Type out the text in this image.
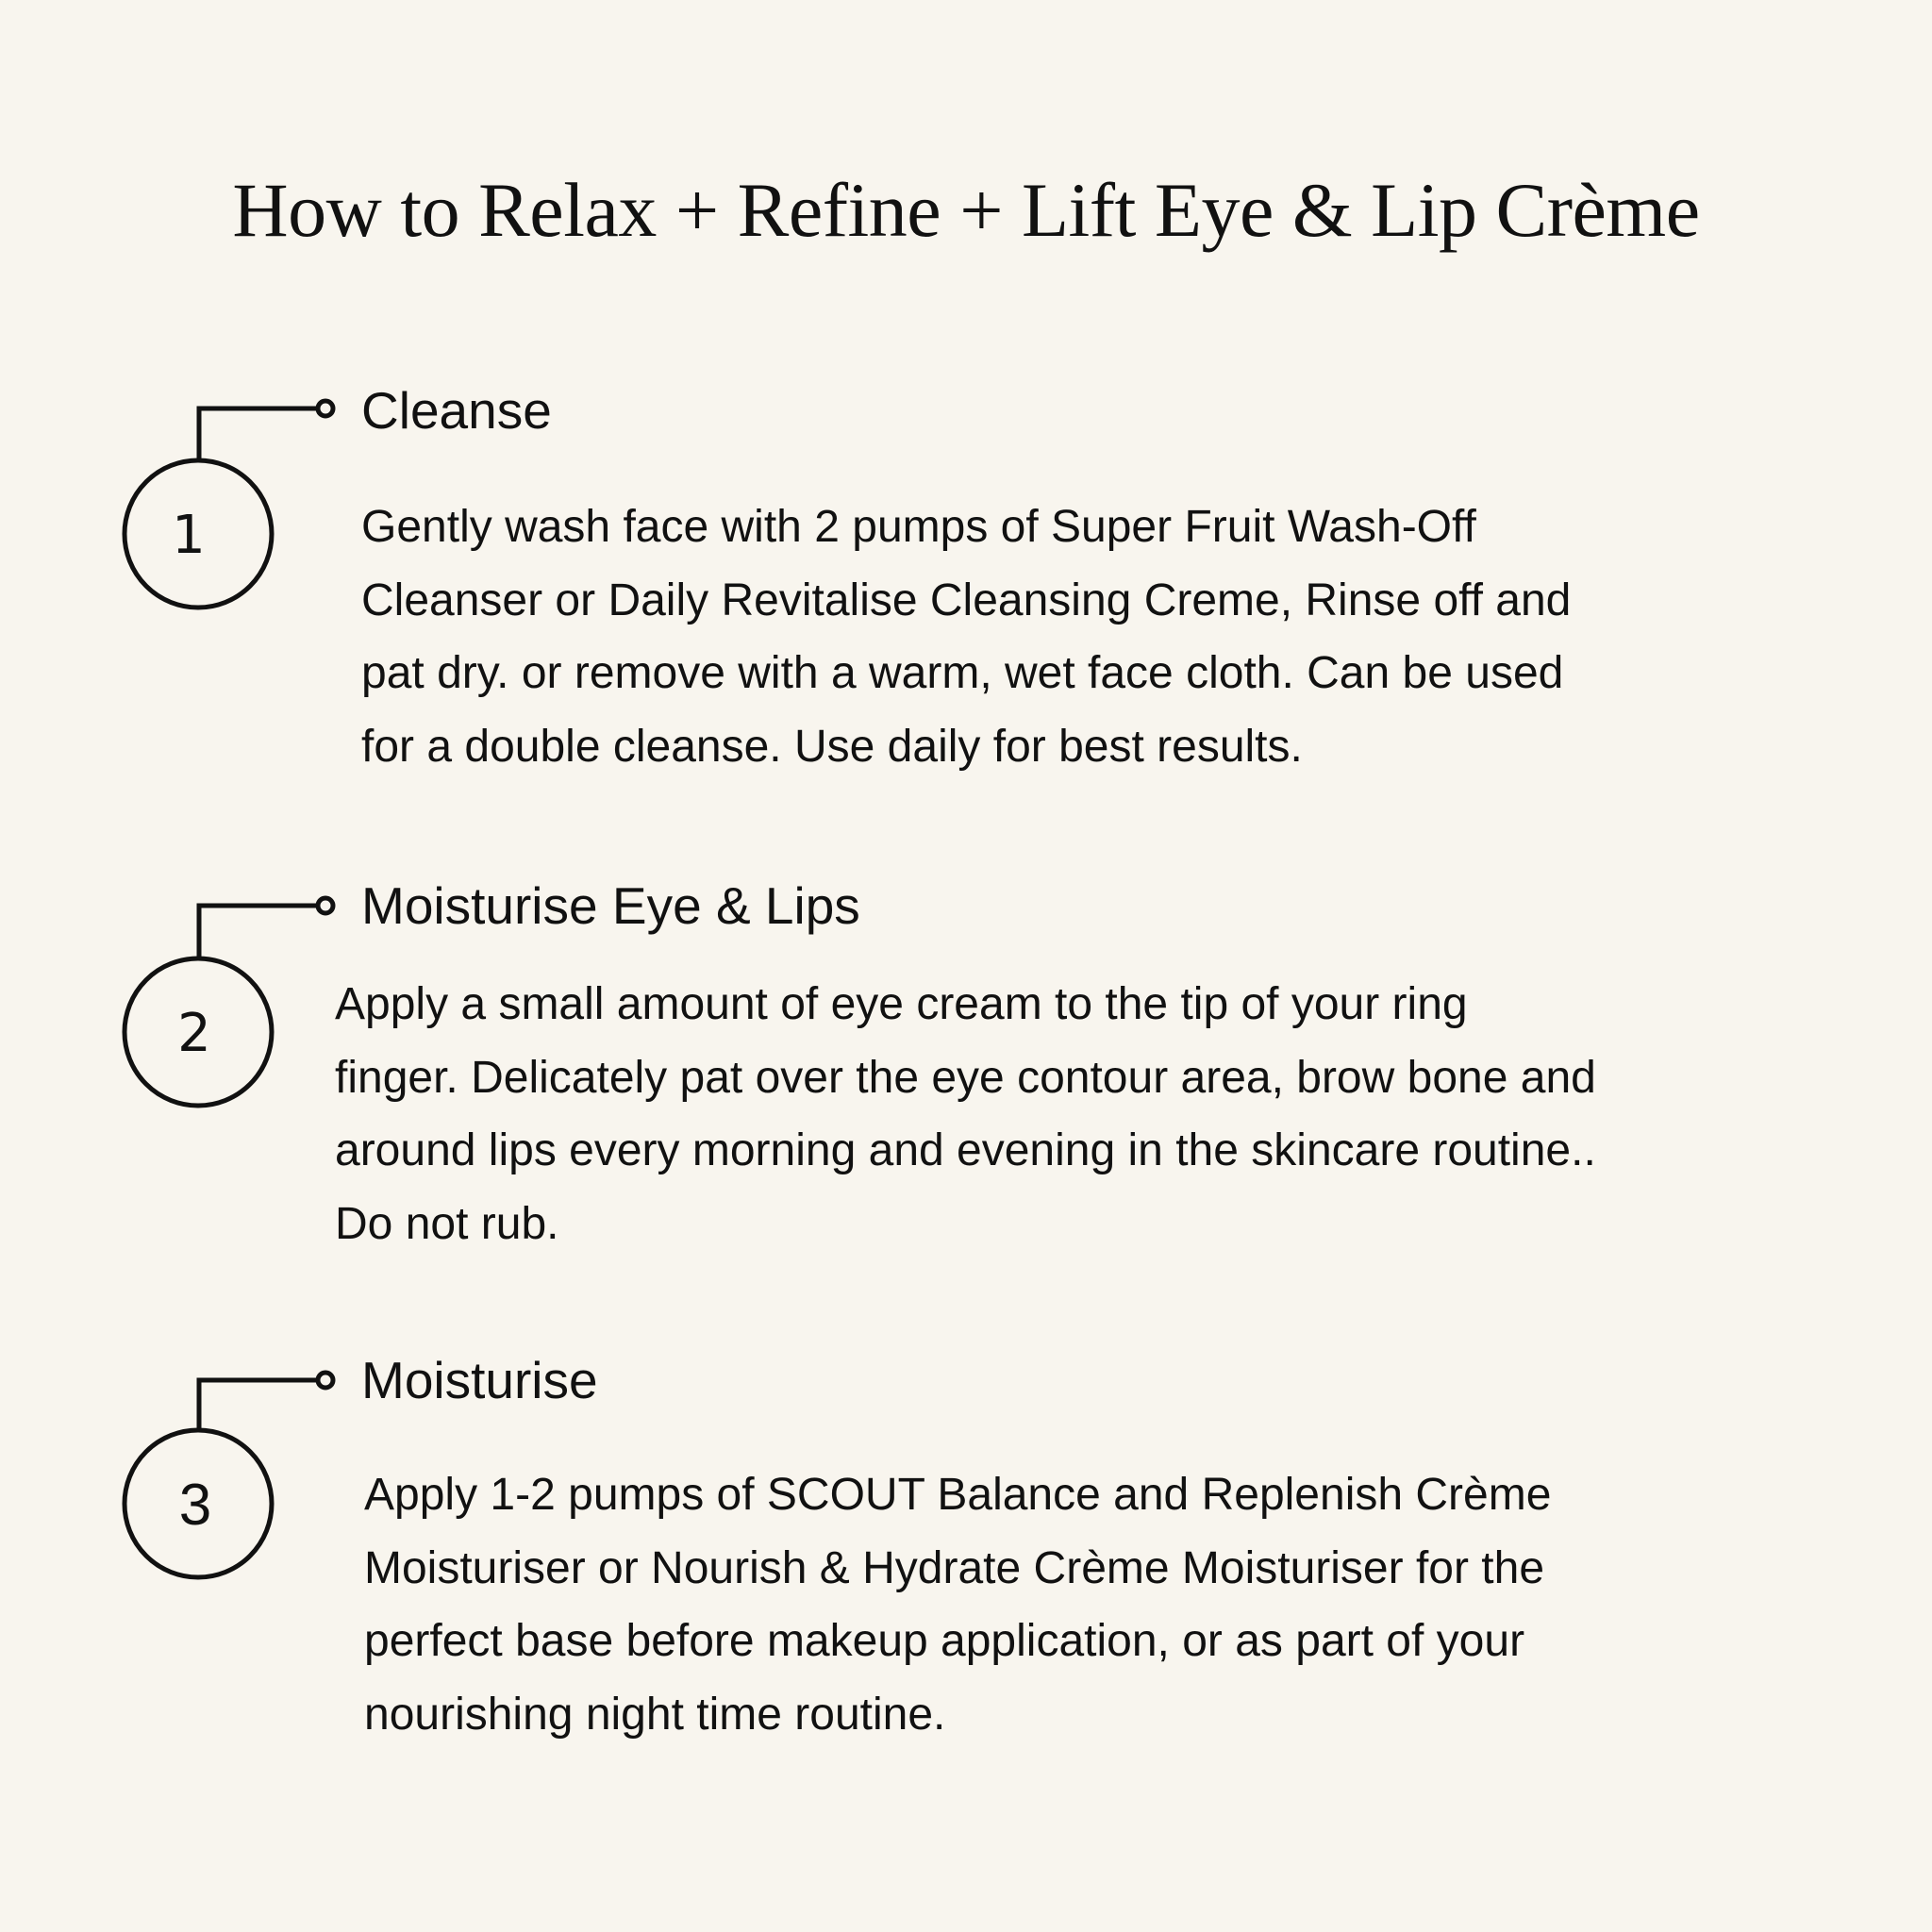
How to Relax + Refine + Lift Eye & Lip Crème
1
Cleanse

Gently wash face with 2 pumps of Super Fruit Wash-Off
Cleanser or Daily Revitalise Cleansing Creme, Rinse off and
pat dry. or remove with a warm, wet face cloth. Can be used
for a double cleanse. Use daily for best results.

2
Moisturise Eye & Lips

Apply a small amount of eye cream to the tip of your ring
finger. Delicately pat over the eye contour area, brow bone and
around lips every morning and evening in the skincare routine..
Do not rub.

3
Moisturise

Apply 1-2 pumps of SCOUT Balance and Replenish Crème
Moisturiser or Nourish & Hydrate Crème Moisturiser for the
perfect base before makeup application, or as part of your
nourishing night time routine.
